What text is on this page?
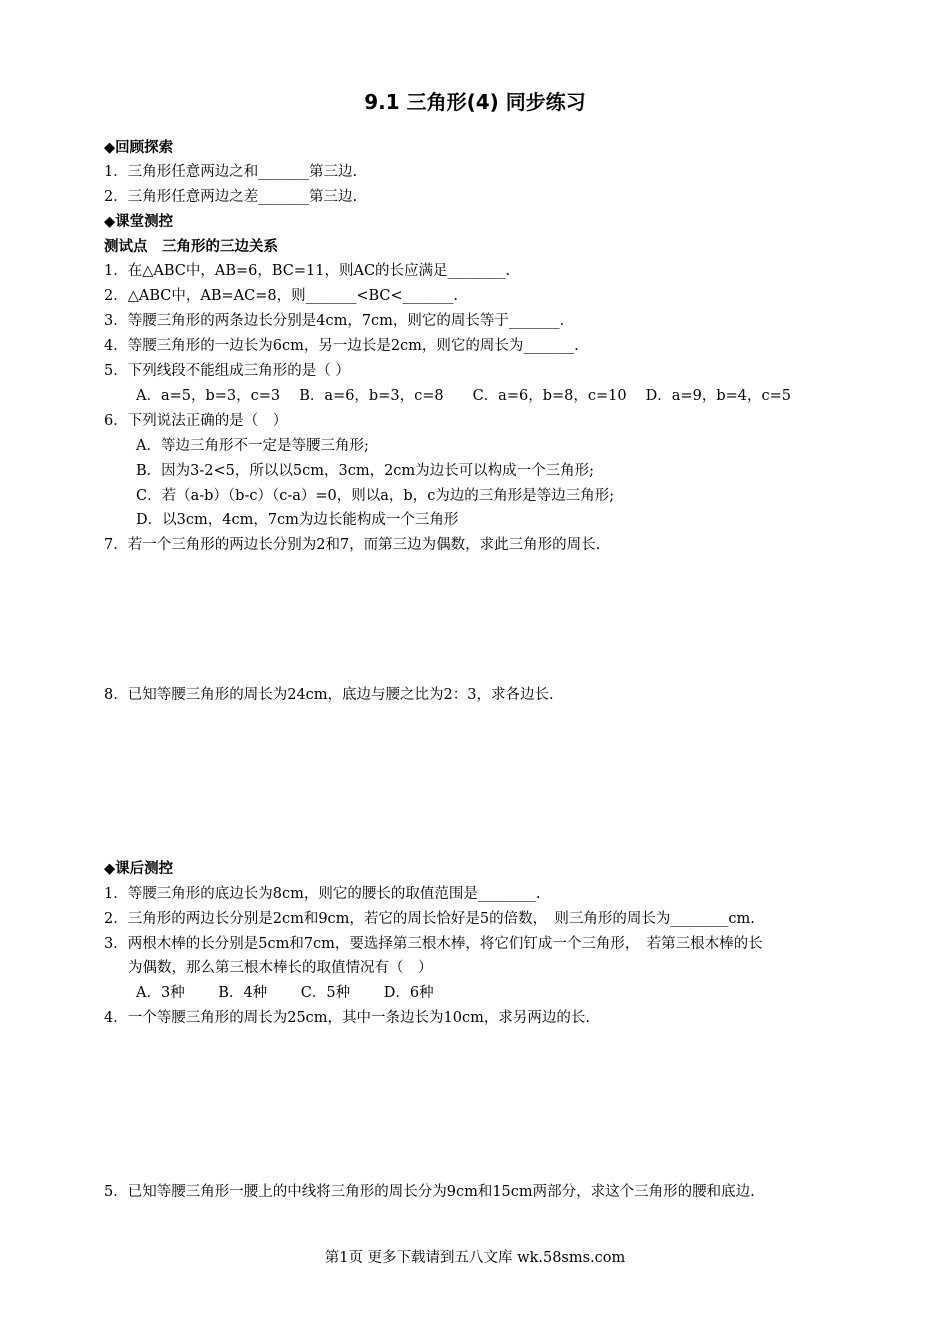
9.1 三角形(4) 同步练习
◆回顾探索
1．三角形任意两边之和_______第三边.
2．三角形任意两边之差_______第三边.
◆课堂测控
测试点　三角形的三边关系
1．在△ABC中，AB=6，BC=11，则AC的长应满足________.
2．△ABC中，AB=AC=8，则_______<BC<_______.
3．等腰三角形的两条边长分别是4cm，7cm，则它的周长等于_______.
4．等腰三角形的一边长为6cm，另一边长是2cm，则它的周长为_______.
5．下列线段不能组成三角形的是（ ）
A．a=5，b=3，c=3　 B．a=6，b=3，c=8　　C．a=6，b=8，c=10　 D．a=9，b=4，c=5
6．下列说法正确的是（　）
A．等边三角形不一定是等腰三角形;
B．因为3-2<5，所以以5cm，3cm，2cm为边长可以构成一个三角形;
C．若（a-b）（b-c）（c-a）=0，则以a，b，c为边的三角形是等边三角形;
D．以3cm，4cm，7cm为边长能构成一个三角形
7．若一个三角形的两边长分别为2和7，而第三边为偶数，求此三角形的周长.
8．已知等腰三角形的周长为24cm，底边与腰之比为2：3，求各边长.
◆课后测控
1．等腰三角形的底边长为8cm，则它的腰长的取值范围是________.
2．三角形的两边长分别是2cm和9cm，若它的周长恰好是5的倍数，　则三角形的周长为________cm.
3．两根木棒的长分别是5cm和7cm，要选择第三根木棒，将它们钉成一个三角形，　若第三根木棒的长
为偶数，那么第三根木棒长的取值情况有（　）
A．3种　　 B．4种　　 C．5种　　 D．6种
4．一个等腰三角形的周长为25cm，其中一条边长为10cm，求另两边的长.
5．已知等腰三角形一腰上的中线将三角形的周长分为9cm和15cm两部分，求这个三角形的腰和底边.
第1页 更多下载请到五八文库 wk.58sms.com
